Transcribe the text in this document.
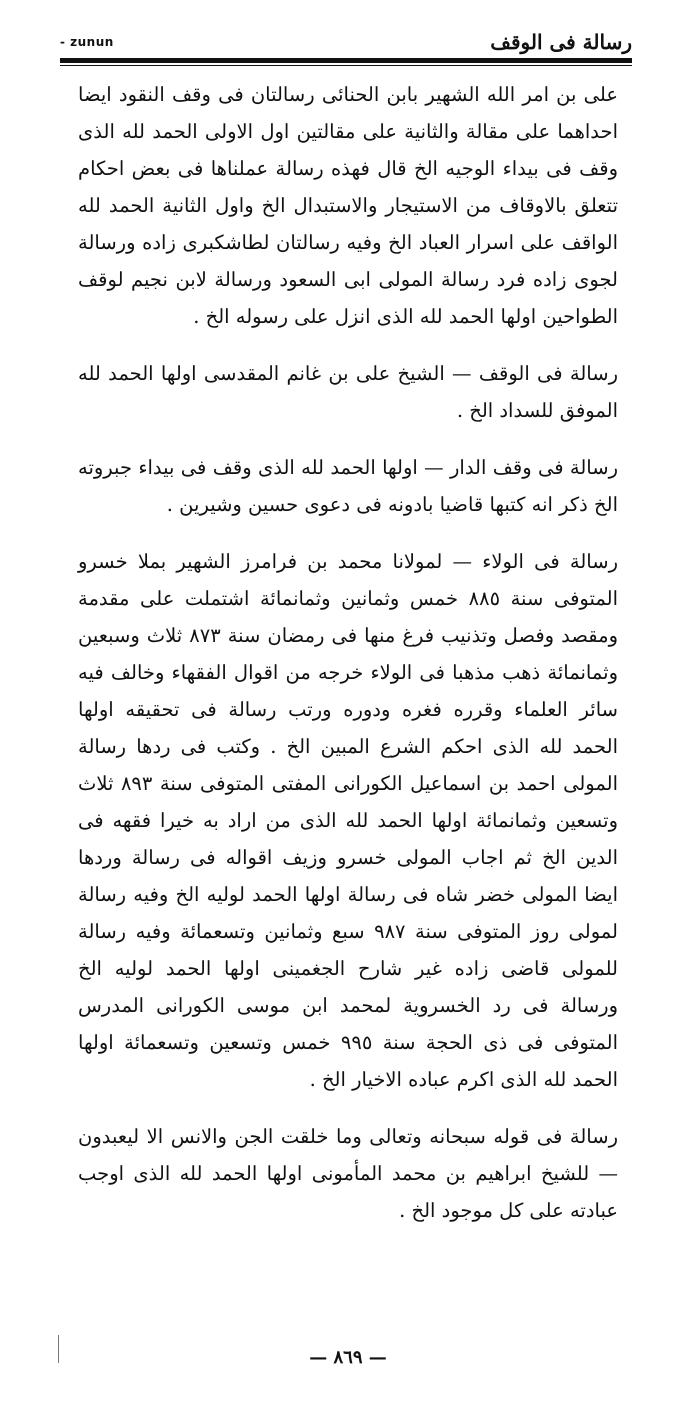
- zunun	رسالة فى الوقف

على بن امر الله الشهير بابن الحنائى رسالتان فى وقف النقود ايضا احداهما على مقالة والثانية على مقالتين اول الاولى الحمد لله الذى وقف فى بيداء الوجيه الخ قال فهذه رسالة عملناها فى بعض احكام تتعلق بالاوقاف من الاستيجار والاستبدال الخ واول الثانية الحمد لله الواقف على اسرار العباد الخ وفيه رسالتان لطاشكبرى زاده ورسالة لجوى زاده فرد رسالة المولى ابى السعود ورسالة لابن نجيم لوقف الطواحين اولها الحمد لله الذى انزل على رسوله الخ .

رسالة فى الوقف — الشيخ على بن غانم المقدسى اولها الحمد لله الموفق للسداد الخ .

رسالة فى وقف الدار — اولها الحمد لله الذى وقف فى بيداء جبروته الخ ذكر انه كتبها قاضيا بادونه فى دعوى حسين وشيرين .

رسالة فى الولاء — لمولانا محمد بن فرامرز الشهير بملا خسرو المتوفى سنة ٨٨٥ خمس وثمانين وثمانمائة اشتملت على مقدمة ومقصد وفصل وتذنيب فرغ منها فى رمضان سنة ٨٧٣ ثلاث وسبعين وثمانمائة ذهب مذهبا فى الولاء خرجه من اقوال الفقهاء وخالف فيه سائر العلماء وقرره فغره ودوره ورتب رسالة فى تحقيقه اولها الحمد لله الذى احكم الشرع المبين الخ . وكتب فى ردها رسالة المولى احمد بن اسماعيل الكورانى المفتى المتوفى سنة ٨٩٣ ثلاث وتسعين وثمانمائة اولها الحمد لله الذى من اراد به خيرا فقهه فى الدين الخ ثم اجاب المولى خسرو وزيف اقواله فى رسالة وردها ايضا المولى خضر شاه فى رسالة اولها الحمد لوليه الخ وفيه رسالة لمولى روز المتوفى سنة ٩٨٧ سبع وثمانين وتسعمائة وفيه رسالة للمولى قاضى زاده غير شارح الجغمينى اولها الحمد لوليه الخ ورسالة فى رد الخسروية لمحمد ابن موسى الكورانى المدرس المتوفى فى ذى الحجة سنة ٩٩٥ خمس وتسعين وتسعمائة اولها الحمد لله الذى اكرم عباده الاخيار الخ .

رسالة فى قوله سبحانه وتعالى وما خلقت الجن والانس الا ليعبدون — للشيخ ابراهيم بن محمد المأمونى اولها الحمد لله الذى اوجب عبادته على كل موجود الخ .

— ٨٦٩ —
